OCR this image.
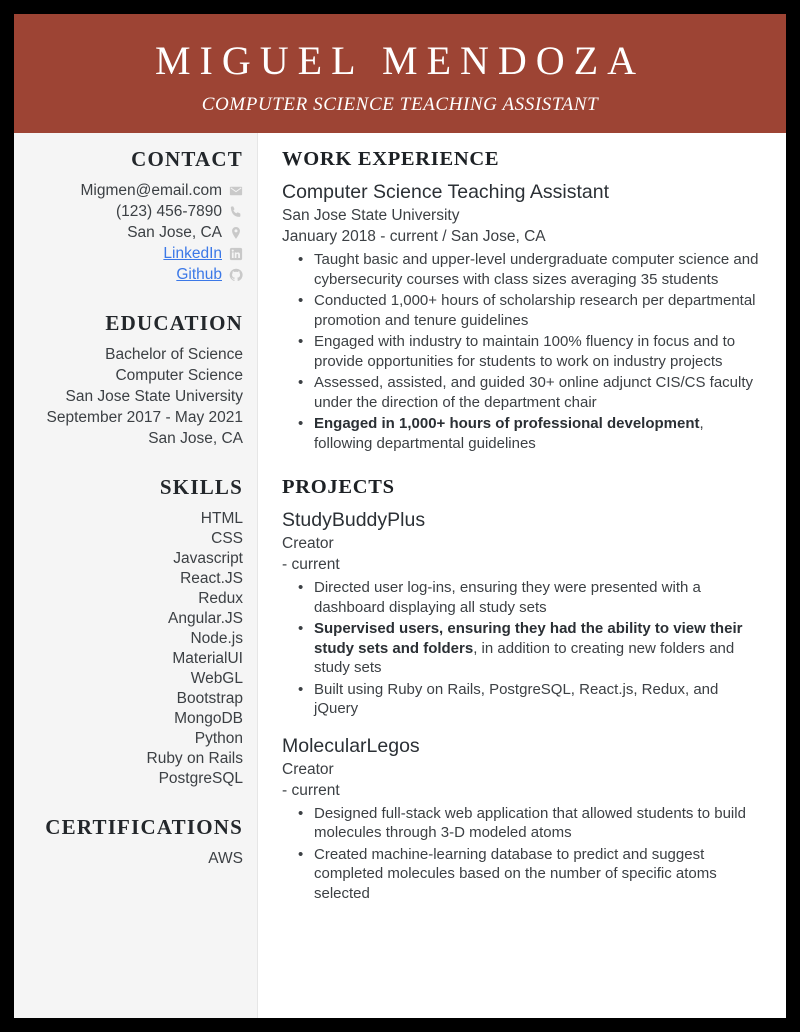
MIGUEL MENDOZA
COMPUTER SCIENCE TEACHING ASSISTANT
CONTACT
Migmen@email.com
(123) 456-7890
San Jose, CA
LinkedIn
Github
EDUCATION
Bachelor of Science
Computer Science
San Jose State University
September 2017 - May 2021
San Jose, CA
SKILLS
HTML
CSS
Javascript
React.JS
Redux
Angular.JS
Node.js
MaterialUI
WebGL
Bootstrap
MongoDB
Python
Ruby on Rails
PostgreSQL
CERTIFICATIONS
AWS
WORK EXPERIENCE
Computer Science Teaching Assistant
San Jose State University
January 2018 - current / San Jose, CA
• Taught basic and upper-level undergraduate computer science and cybersecurity courses with class sizes averaging 35 students
• Conducted 1,000+ hours of scholarship research per departmental promotion and tenure guidelines
• Engaged with industry to maintain 100% fluency in focus and to provide opportunities for students to work on industry projects
• Assessed, assisted, and guided 30+ online adjunct CIS/CS faculty under the direction of the department chair
• Engaged in 1,000+ hours of professional development, following departmental guidelines
PROJECTS
StudyBuddyPlus
Creator
- current
• Directed user log-ins, ensuring they were presented with a dashboard displaying all study sets
• Supervised users, ensuring they had the ability to view their study sets and folders, in addition to creating new folders and study sets
• Built using Ruby on Rails, PostgreSQL, React.js, Redux, and jQuery
MolecularLegos
Creator
- current
• Designed full-stack web application that allowed students to build molecules through 3-D modeled atoms
• Created machine-learning database to predict and suggest completed molecules based on the number of specific atoms selected
